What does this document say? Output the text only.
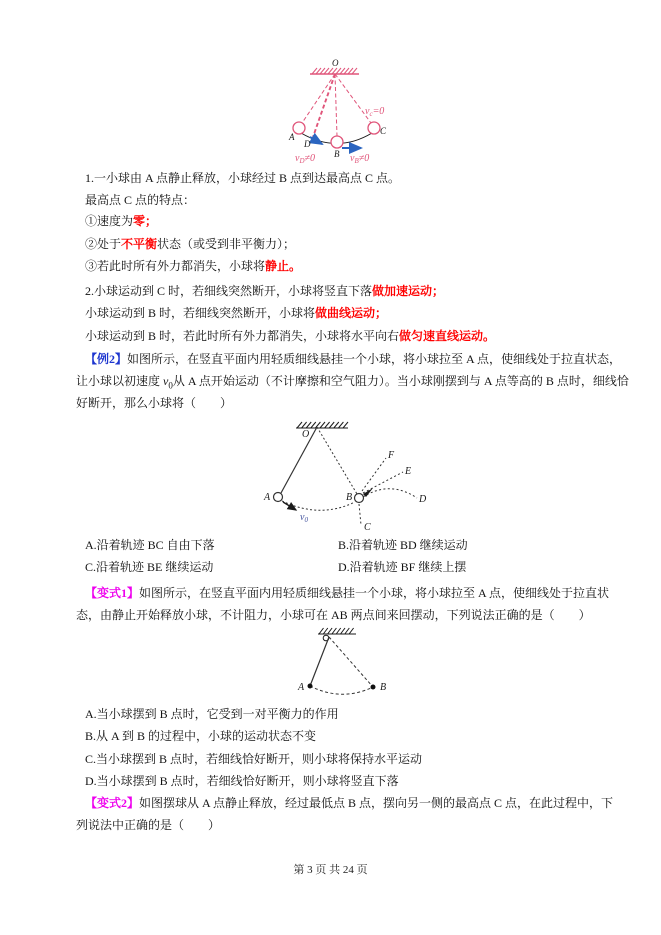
O
A
D
B
C
$v_c=0$
$v_D\ne 0$	$v_B\ne 0$
1.一小球由 A 点静止释放，小球经过 B 点到达最高点 C 点。
最高点 C 点的特点：
①速度为零；
②处于不平衡状态（或受到非平衡力）；
③若此时所有外力都消失，小球将静止。
2.小球运动到 C 时，若细线突然断开，小球将竖直下落做加速运动；
小球运动到 B 时，若细线突然断开，小球将做曲线运动；
小球运动到 B 时，若此时所有外力都消失，小球将水平向右做匀速直线运动。
【例2】如图所示，在竖直平面内用轻质细线悬挂一个小球，将小球拉至 A 点，使细线处于拉直状态，
让小球以初速度 $v_0$从 A 点开始运动（不计摩擦和空气阻力）。当小球刚摆到与 A 点等高的 B 点时，细线恰
好断开，那么小球将（　　）
O
$v_0$
A	B
C
D
E
F
A.沿着轨迹 BC 自由下落	B.沿着轨迹 BD 继续运动
C.沿着轨迹 BE 继续运动	D.沿着轨迹 BF 继续上摆
【变式1】如图所示，在竖直平面内用轻质细线悬挂一个小球，将小球拉至 A 点，使细线处于拉直状
态，由静止开始释放小球，不计阻力，小球可在 AB 两点间来回摆动，下列说法正确的是（　　）
A	B
A.当小球摆到 B 点时，它受到一对平衡力的作用
B.从 A 到 B 的过程中，小球的运动状态不变
C.当小球摆到 B 点时，若细线恰好断开，则小球将保持水平运动
D.当小球摆到 B 点时，若细线恰好断开，则小球将竖直下落
【变式2】如图摆球从 A 点静止释放，经过最低点 B 点，摆向另一侧的最高点 C 点，在此过程中，下
列说法中正确的是（　　）
第 3 页 共 24 页
